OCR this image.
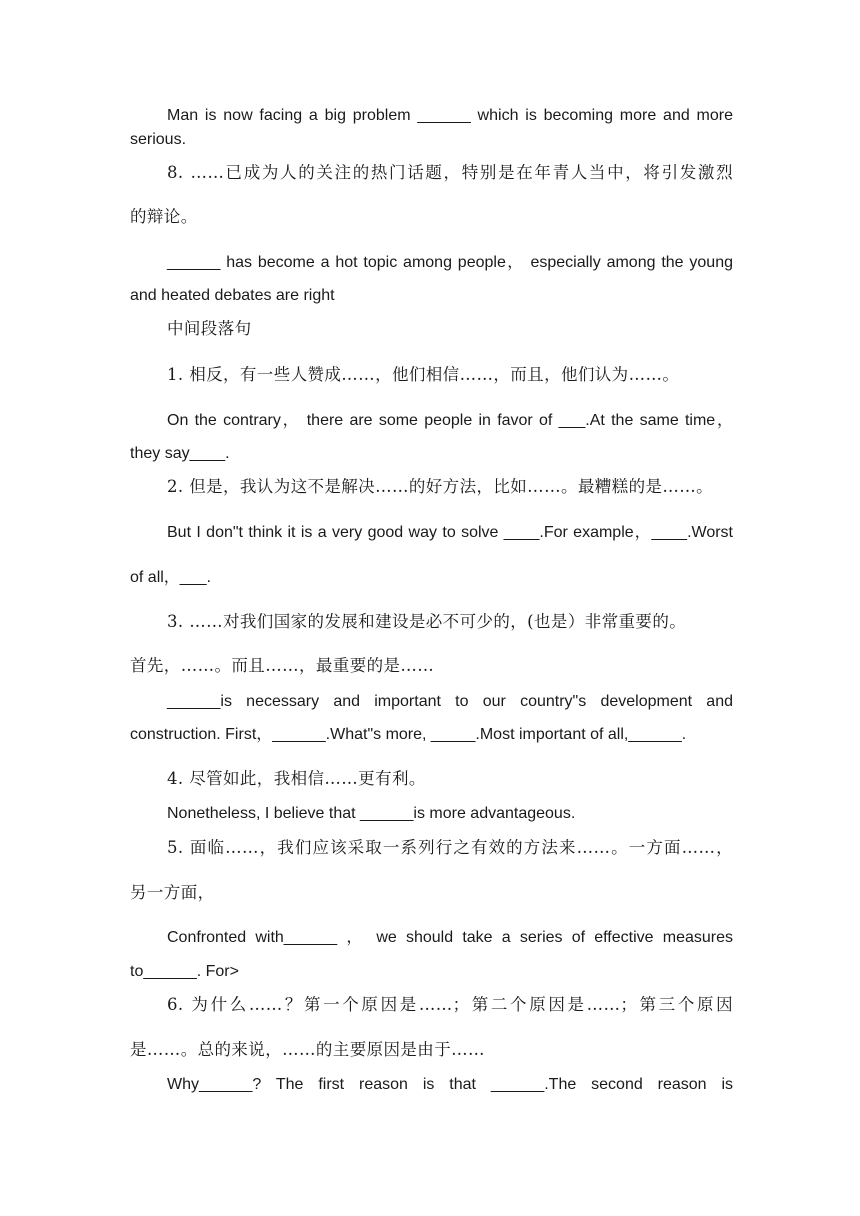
Man is now facing a big problem ______ which is becoming more and more
serious.
8. ……已成为人的关注的热门话题，特别是在年青人当中，将引发激烈
的辩论。
______ has become a hot topic among people， especially among the young
and heated debates are right
中间段落句
1. 相反，有一些人赞成……，他们相信……，而且，他们认为……。
On the contrary， there are some people in favor of ___.At the same time，
they say____.
2. 但是，我认为这不是解决……的好方法，比如……。最糟糕的是……。
But I don"t think it is a very good way to solve ____.For example，____.Worst
of all，___.
3. ……对我们国家的发展和建设是必不可少的，(也是）非常重要的。
首先，……。而且……，最重要的是……
______is necessary and important to our country"s development and
construction. First，______.What"s more, _____.Most important of all,______.
4. 尽管如此，我相信……更有利。
Nonetheless, I believe that ______is more advantageous.
5. 面临……，我们应该采取一系列行之有效的方法来……。一方面……，
另一方面，
Confronted with______ ， we should take a series of effective measures
to______. For>
6. 为什么……？第一个原因是……；第二个原因是……；第三个原因
是……。总的来说，……的主要原因是由于……
Why______? The first reason is that ______.The second reason is
